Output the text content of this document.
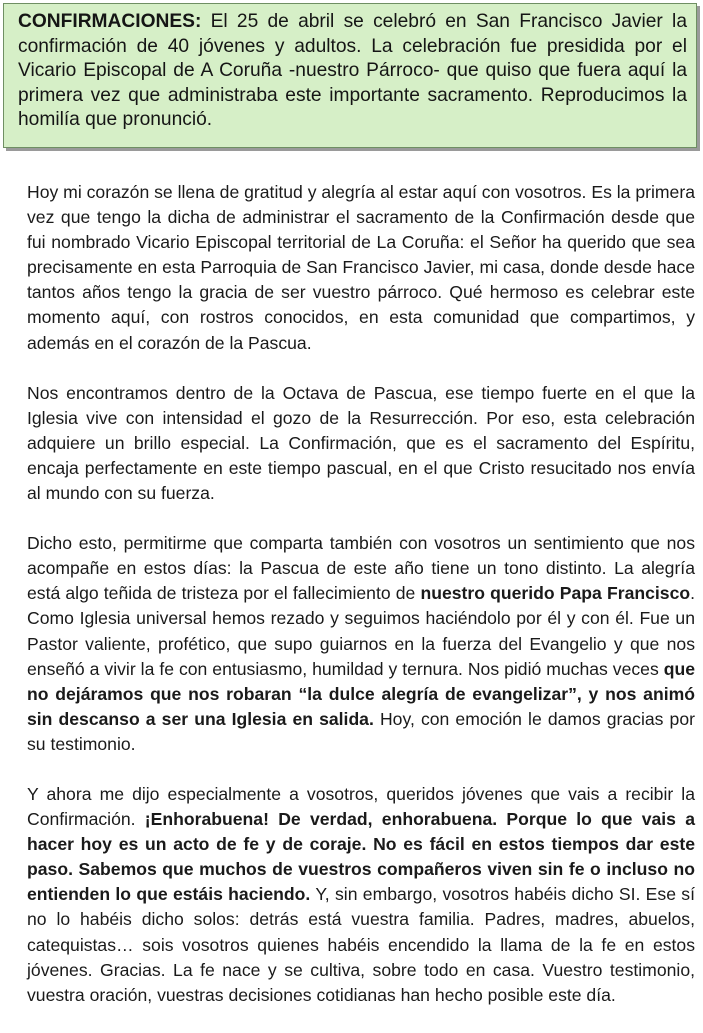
CONFIRMACIONES: El 25 de abril se celebró en San Francisco Javier la confirmación de 40 jóvenes y adultos. La celebración fue presidida por el Vicario Episcopal de A Coruña -nuestro Párroco- que quiso que fuera aquí la primera vez que administraba este importante sacramento. Reproducimos la homilía que pronunció.

Hoy mi corazón se llena de gratitud y alegría al estar aquí con vosotros. Es la primera vez que tengo la dicha de administrar el sacramento de la Confirmación desde que fui nombrado Vicario Episcopal territorial de La Coruña: el Señor ha querido que sea precisamente en esta Parroquia de San Francisco Javier, mi casa, donde desde hace tantos años tengo la gracia de ser vuestro párroco. Qué hermoso es celebrar este momento aquí, con rostros conocidos, en esta comunidad que compartimos, y además en el corazón de la Pascua.

Nos encontramos dentro de la Octava de Pascua, ese tiempo fuerte en el que la Iglesia vive con intensidad el gozo de la Resurrección. Por eso, esta celebración adquiere un brillo especial. La Confirmación, que es el sacramento del Espíritu, encaja perfectamente en este tiempo pascual, en el que Cristo resucitado nos envía al mundo con su fuerza.

Dicho esto, permitirme que comparta también con vosotros un sentimiento que nos acompañe en estos días: la Pascua de este año tiene un tono distinto. La alegría está algo teñida de tristeza por el fallecimiento de nuestro querido Papa Francisco. Como Iglesia universal hemos rezado y seguimos haciéndolo por él y con él. Fue un Pastor valiente, profético, que supo guiarnos en la fuerza del Evangelio y que nos enseñó a vivir la fe con entusiasmo, humildad y ternura. Nos pidió muchas veces que no dejáramos que nos robaran “la dulce alegría de evangelizar”, y nos animó sin descanso a ser una Iglesia en salida. Hoy, con emoción le damos gracias por su testimonio.

Y ahora me dijo especialmente a vosotros, queridos jóvenes que vais a recibir la Confirmación. ¡Enhorabuena! De verdad, enhorabuena. Porque lo que vais a hacer hoy es un acto de fe y de coraje. No es fácil en estos tiempos dar este paso. Sabemos que muchos de vuestros compañeros viven sin fe o incluso no entienden lo que estáis haciendo. Y, sin embargo, vosotros habéis dicho SI. Ese sí no lo habéis dicho solos: detrás está vuestra familia. Padres, madres, abuelos, catequistas… sois vosotros quienes habéis encendido la llama de la fe en estos jóvenes. Gracias. La fe nace y se cultiva, sobre todo en casa. Vuestro testimonio, vuestra oración, vuestras decisiones cotidianas han hecho posible este día.
